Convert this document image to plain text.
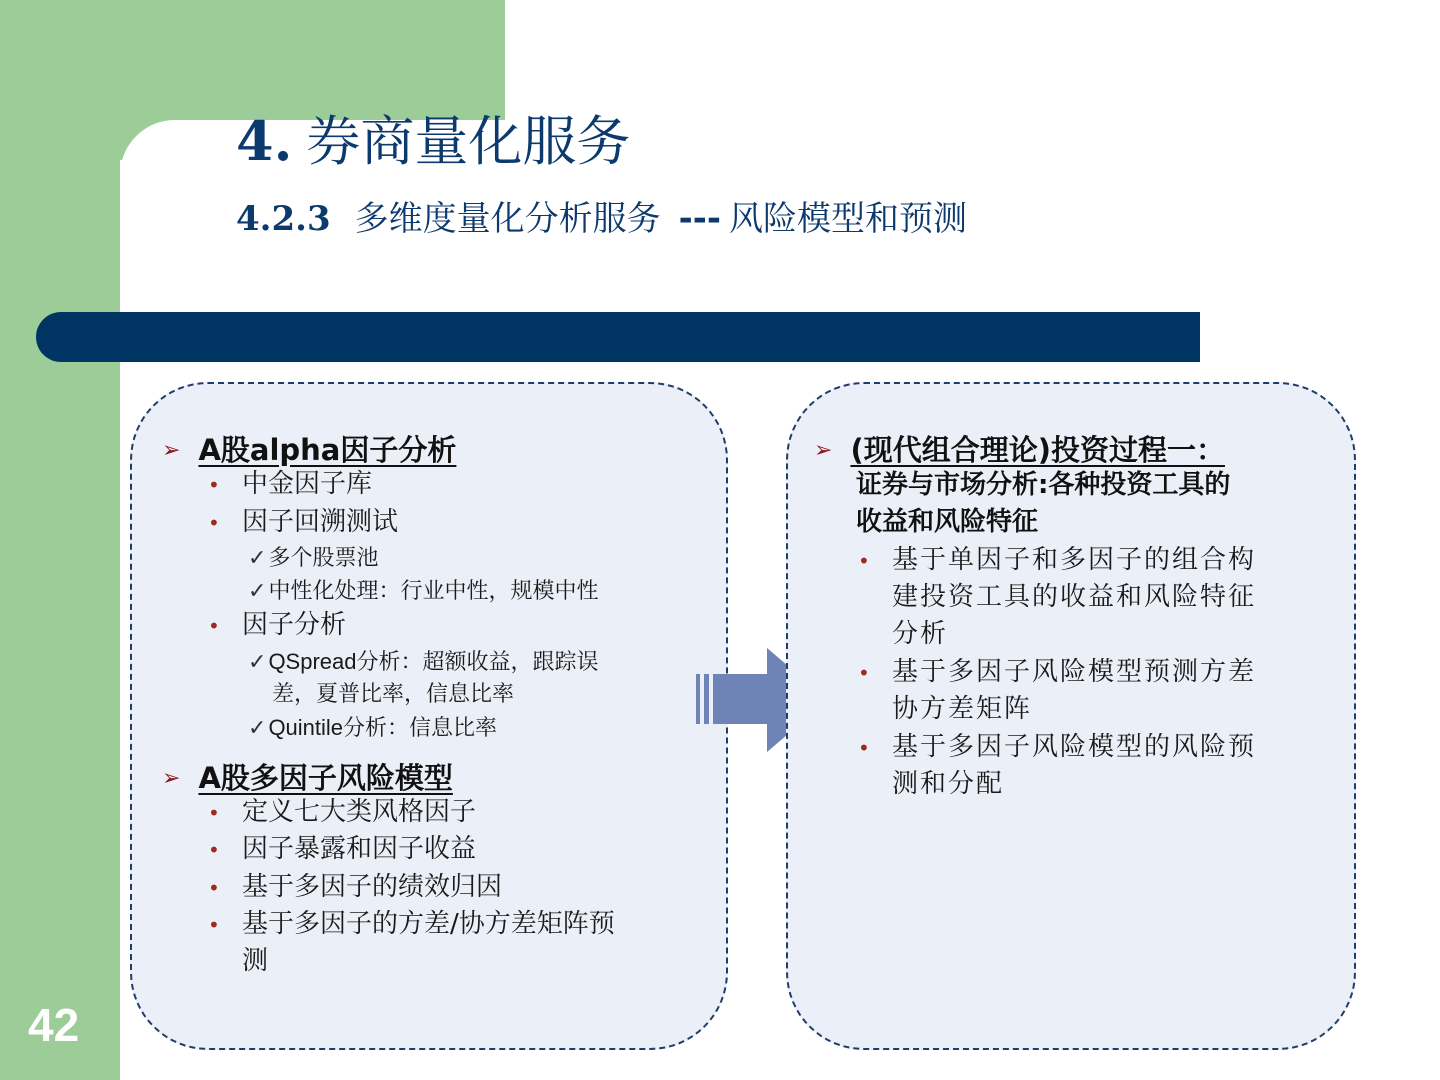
42
4. 券商量化服务
4.2.3 多维度量化分析服务 --- 风险模型和预测
➢ A股alpha因子分析
• 中金因子库
• 因子回溯测试
✓多个股票池
✓中性化处理：行业中性，规模中性
• 因子分析
✓QSpread分析：超额收益，跟踪误
差，夏普比率，信息比率
✓Quintile分析：信息比率
➢ A股多因子风险模型
• 定义七大类风格因子
• 因子暴露和因子收益
• 基于多因子的绩效归因
• 基于多因子的方差/协方差矩阵预
测
➢ (现代组合理论)投资过程一：
证券与市场分析:各种投资工具的
收益和风险特征
• 基于单因子和多因子的组合构
建投资工具的收益和风险特征
分析
• 基于多因子风险模型预测方差
协方差矩阵
• 基于多因子风险模型的风险预
测和分配
